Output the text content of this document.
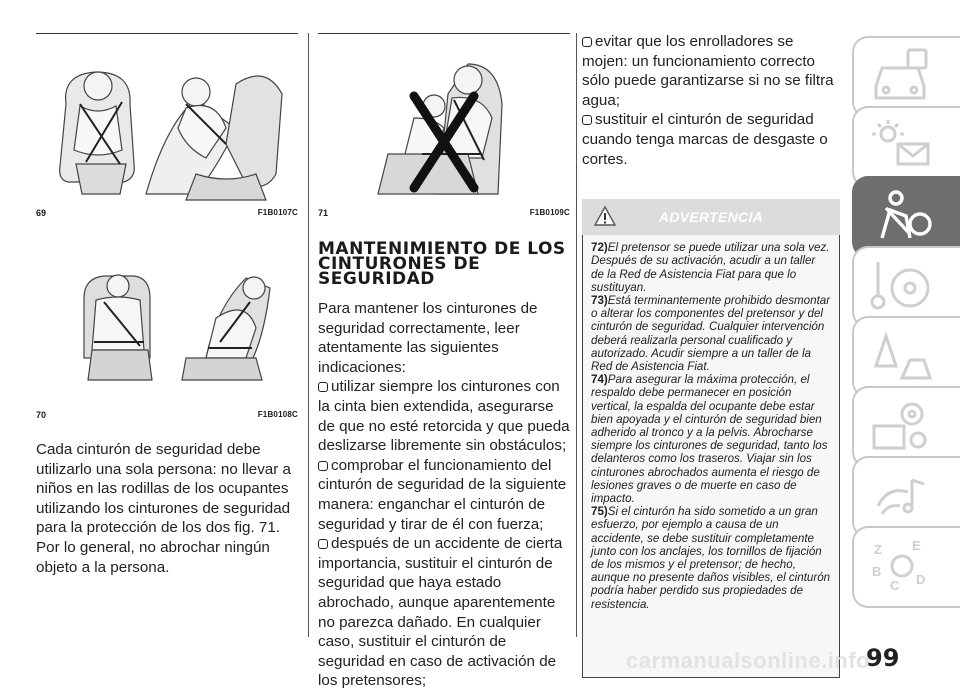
69	F1B0107C
70	F1B0108C

Cada cinturón de seguridad debe utilizarlo una sola persona: no llevar a niños en las rodillas de los ocupantes utilizando los cinturones de seguridad para la protección de los dos fig. 71. Por lo general, no abrochar ningún objeto a la persona.

71	F1B0109C
MANTENIMIENTO DE LOS CINTURONES DE SEGURIDAD

Para mantener los cinturones de seguridad correctamente, leer atentamente las siguientes indicaciones:

utilizar siempre los cinturones con la cinta bien extendida, asegurarse de que no esté retorcida y que pueda deslizarse libremente sin obstáculos;

comprobar el funcionamiento del cinturón de seguridad de la siguiente manera: enganchar el cinturón de seguridad y tirar de él con fuerza;

después de un accidente de cierta importancia, sustituir el cinturón de seguridad que haya estado abrochado, aunque aparentemente no parezca dañado. En cualquier caso, sustituir el cinturón de seguridad en caso de activación de los pretensores;

evitar que los enrolladores se mojen: un funcionamiento correcto sólo puede garantizarse si no se filtra agua;

sustituir el cinturón de seguridad cuando tenga marcas de desgaste o cortes.

ADVERTENCIA

72)El pretensor se puede utilizar una sola vez. Después de su activación, acudir a un taller de la Red de Asistencia Fiat para que lo sustituyan.

73)Está terminantemente prohibido desmontar o alterar los componentes del pretensor y del cinturón de seguridad. Cualquier intervención deberá realizarla personal cualificado y autorizado. Acudir siempre a un taller de la Red de Asistencia Fiat.

74)Para asegurar la máxima protección, el respaldo debe permanecer en posición vertical, la espalda del ocupante debe estar bien apoyada y el cinturón de seguridad bien adherido al tronco y a la pelvis. Abrocharse siempre los cinturones de seguridad, tanto los delanteros como los traseros. Viajar sin los cinturones abrochados aumenta el riesgo de lesiones graves o de muerte en caso de impacto.

75)Si el cinturón ha sido sometido a un gran esfuerzo, por ejemplo a causa de un accidente, se debe sustituir completamente junto con los anclajes, los tornillos de fijación de los mismos y el pretensor; de hecho, aunque no presente daños visibles, el cinturón podría haber perdido sus propiedades de resistencia.

Z E
B
C D
carmanualsonline.info
99
